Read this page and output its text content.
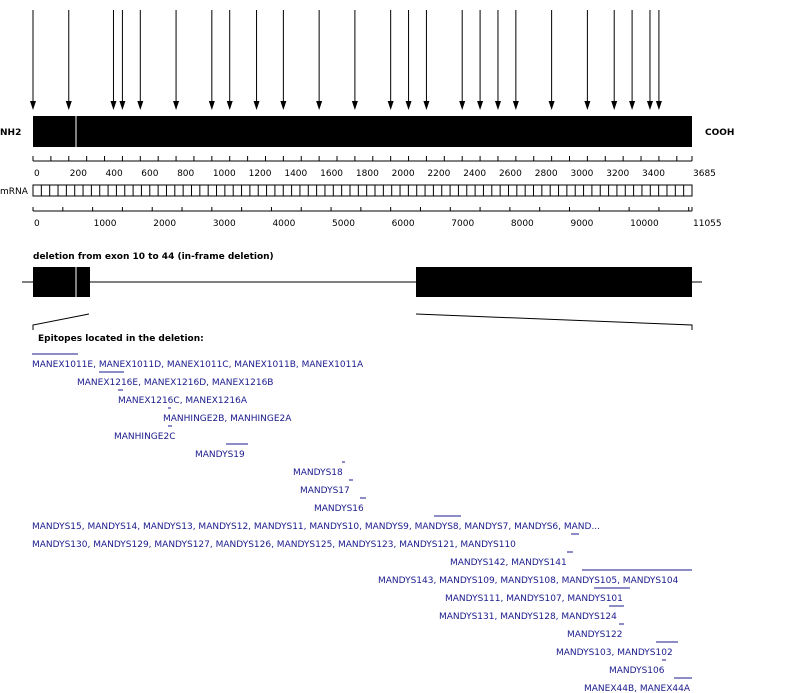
NH2	COOH
0	200 400 600 800 1000 1200 1400 1600 1800 2000 2200 2400 2600 2800 3000 3200 3400	3685
mRNA
0	1000	2000	3000	4000	5000	6000	7000	8000	9000	10000	11055
deletion from exon 10 to 44 (in-frame deletion)
Epitopes located in the deletion:
MANEX1011E, MANEX1011D, MANEX1011C, MANEX1011B, MANEX1011A
MANEX1216E, MANEX1216D, MANEX1216B
MANEX1216C, MANEX1216A
MANHINGE2B, MANHINGE2A
MANHINGE2C
MANDYS19
MANDYS18
MANDYS17
MANDYS16
MANDYS15, MANDYS14, MANDYS13, MANDYS12, MANDYS11, MANDYS10, MANDYS9, MANDYS8, MANDYS7, MANDYS6, MAND...
MANDYS130, MANDYS129, MANDYS127, MANDYS126, MANDYS125, MANDYS123, MANDYS121, MANDYS110
MANDYS142, MANDYS141
MANDYS143, MANDYS109, MANDYS108, MANDYS105, MANDYS104
MANDYS111, MANDYS107, MANDYS101
MANDYS131, MANDYS128, MANDYS124
MANDYS122
MANDYS103, MANDYS102
MANDYS106
MANEX44B, MANEX44A
